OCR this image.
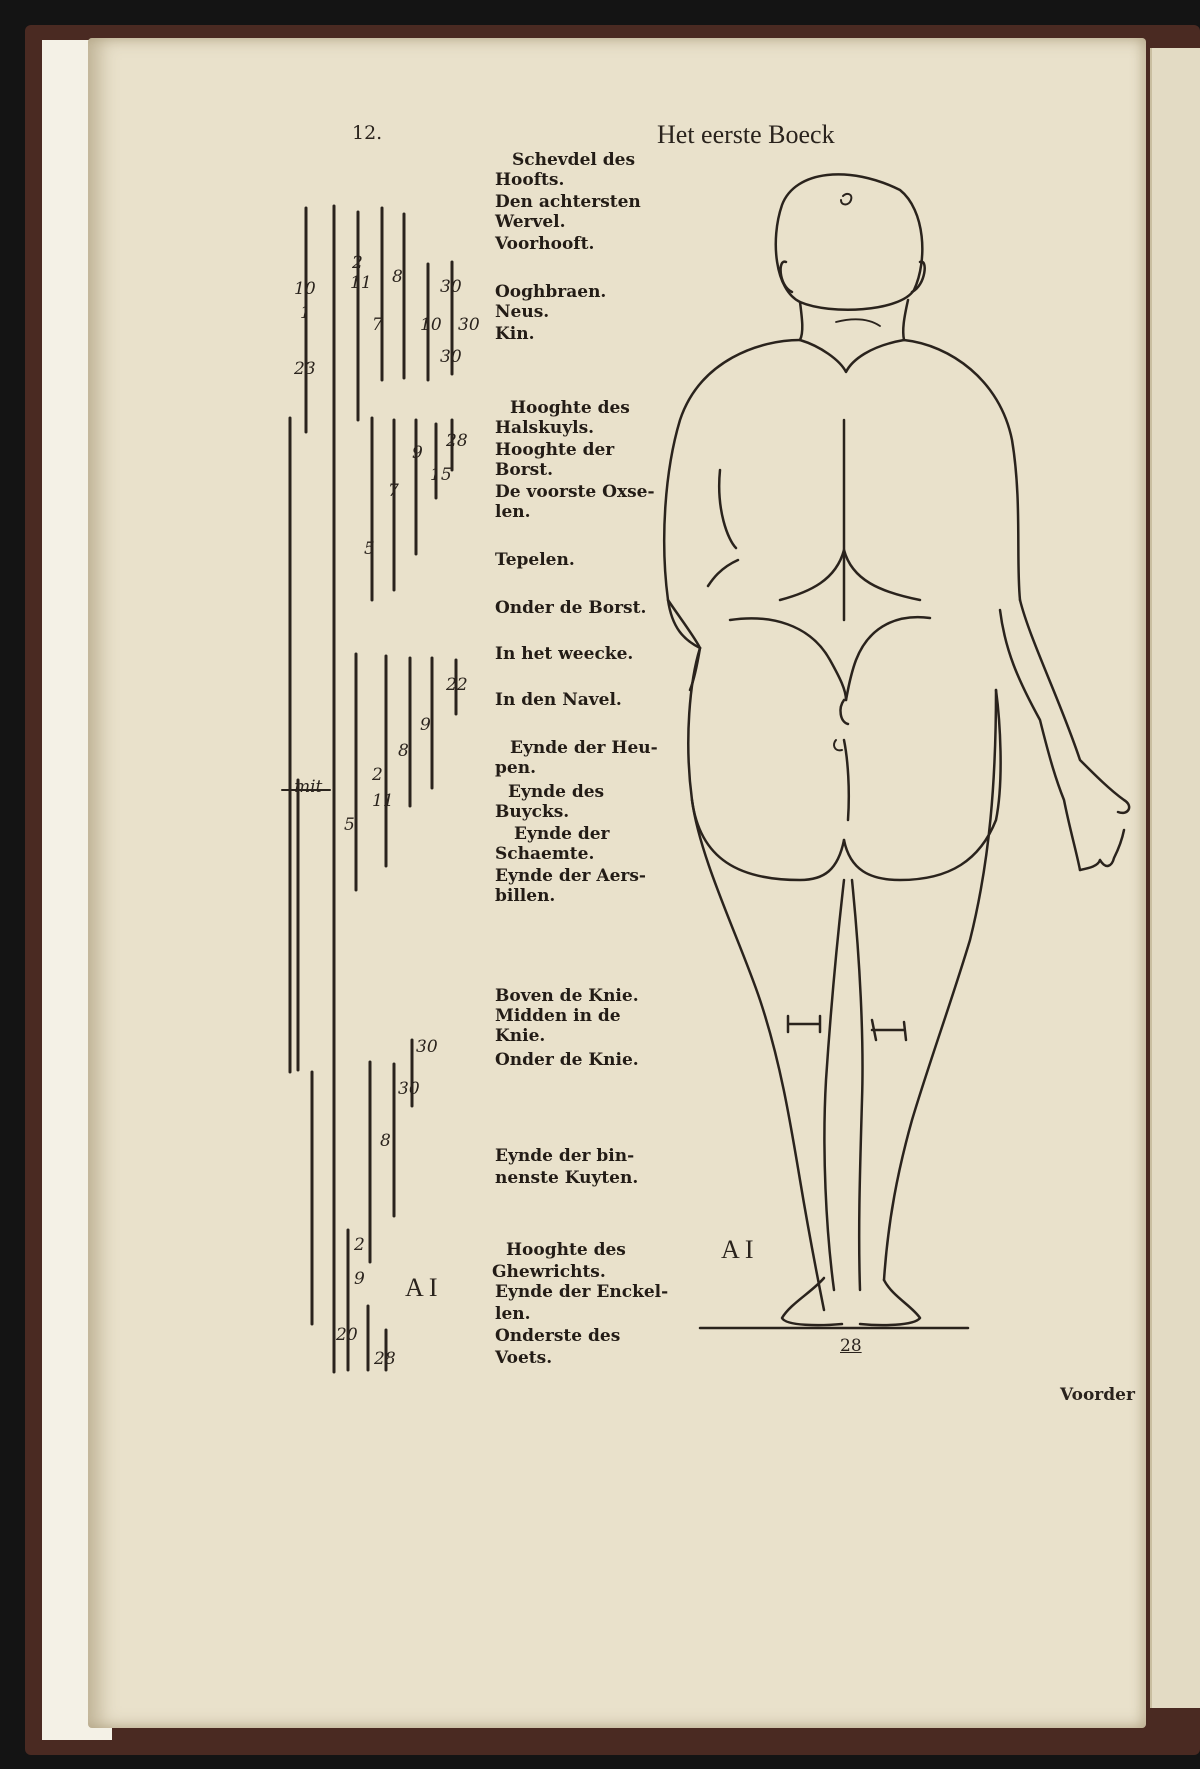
12.	Het eerste Boeck
Schevdel des
Hoofts.
Den achtersten
Wervel.
Voorhooft.
Ooghbraen.
Neus.
Kin.
Hooghte des
Halskuyls.
Hooghte der
Borst.
De voorste Oxse-
len.
Tepelen.
Onder de Borst.
In het weecke.
In den Navel.
Eynde der Heu-
pen.
Eynde des
Buycks.
Eynde der
Schaemte.
Eynde der Aers-
billen.
Boven de Knie.
Midden in de
Knie.
Onder de Knie.
Eynde der bin-
nenste Kuyten.
Hooghte des
Ghewrichts.
Eynde der Enckel-
len.
Onderste des
Voets.
10
1
23
2
11 8
7 10
30
30
30
9
28
15
7
5
22
9
8
2
11
5
30
30
8
2
9
20
28
mit
A I
A I
28
Voorder
